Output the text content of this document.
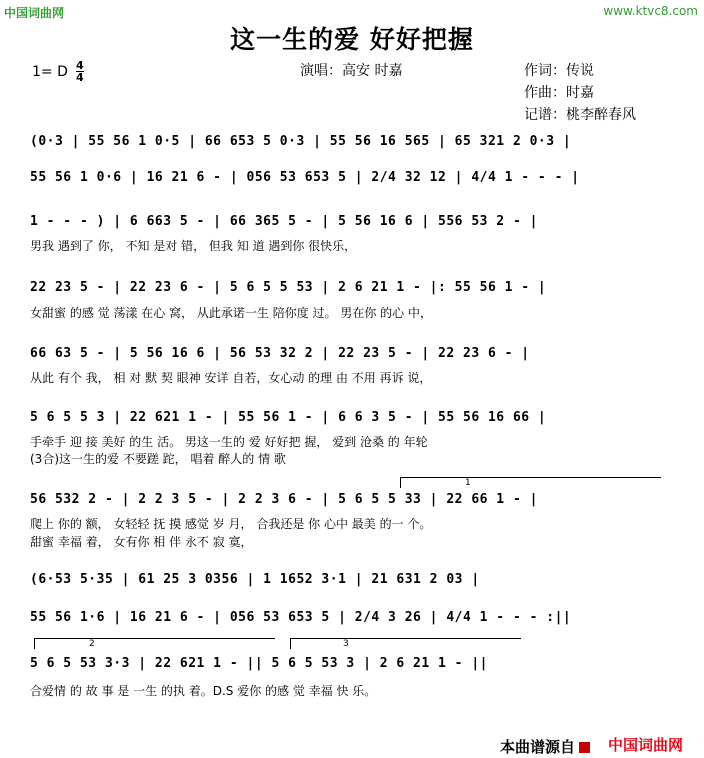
中国词曲网	www.ktvc8.com
这一生的爱 好好把握
1= D $\frac{4}{4}$	演唱：高安 时嘉	作词：传说
作曲：时嘉
记谱：桃李醉春风
(0·3 | 55 56 1 0·5 | 66 653 5 0·3 | 55 56 16 565 | 65 321 2 0·3 |
55 56 1 0·6 | 16 21 6 - | 056 53 653 5 | 2/4 32 12 | 4/4 1 - - - |
1 - - - ) | 6 663 5 - | 66 365 5 - | 5 56 16 6 | 556 53 2 - |
男我 遇到了 你， 不知 是对 错， 但我 知 道 遇到你 很快乐，
22 23 5 - | 22 23 6 - | 5 6 5 5 53 | 2 6 21 1 - |: 55 56 1 - |
女甜蜜 的感 觉 荡漾 在心 窝， 从此承诺一生 陪你度 过。 男在你 的心 中，
66 63 5 - | 5 56 16 6 | 56 53 32 2 | 22 23 5 - | 22 23 6 - |
从此 有个 我， 相 对 默 契 眼神 安详 自若，女心动 的理 由 不用 再诉 说，
5 6 5 5 3 | 22 621 1 - | 55 56 1 - | 6 6 3 5 - | 55 56 16 66 |
手牵手 迎 接 美好 的生 活。 男这一生的 爱 好好把 握， 爱到 沧桑 的 年轮
(3合)这一生的爱 不要蹉 跎， 唱着 醉人的 情 歌
1
56 532 2 - | 2 2 3 5 - | 2 2 3 6 - | 5 6 5 5 33 | 22 66 1 - |
爬上 你的 额， 女轻轻 抚 摸 感觉 岁 月， 合我还是 你 心中 最美 的一 个。
甜蜜 幸福 着， 女有你 相 伴 永不 寂 寞，
(6·53 5·35 | 61 25 3 0356 | 1 1652 3·1 | 21 631 2 03 |
55 56 1·6 | 16 21 6 - | 056 53 653 5 | 2/4 3 26 | 4/4 1 - - - :||
2	3
5 6 5 53 3·3 | 22 621 1 - || 5 6 5 53 3 | 2 6 21 1 - ||
合爱情 的 故 事 是 一生 的执 着。D.S 爱你 的感 觉 幸福 快 乐。
本曲谱源自	中国词曲网
